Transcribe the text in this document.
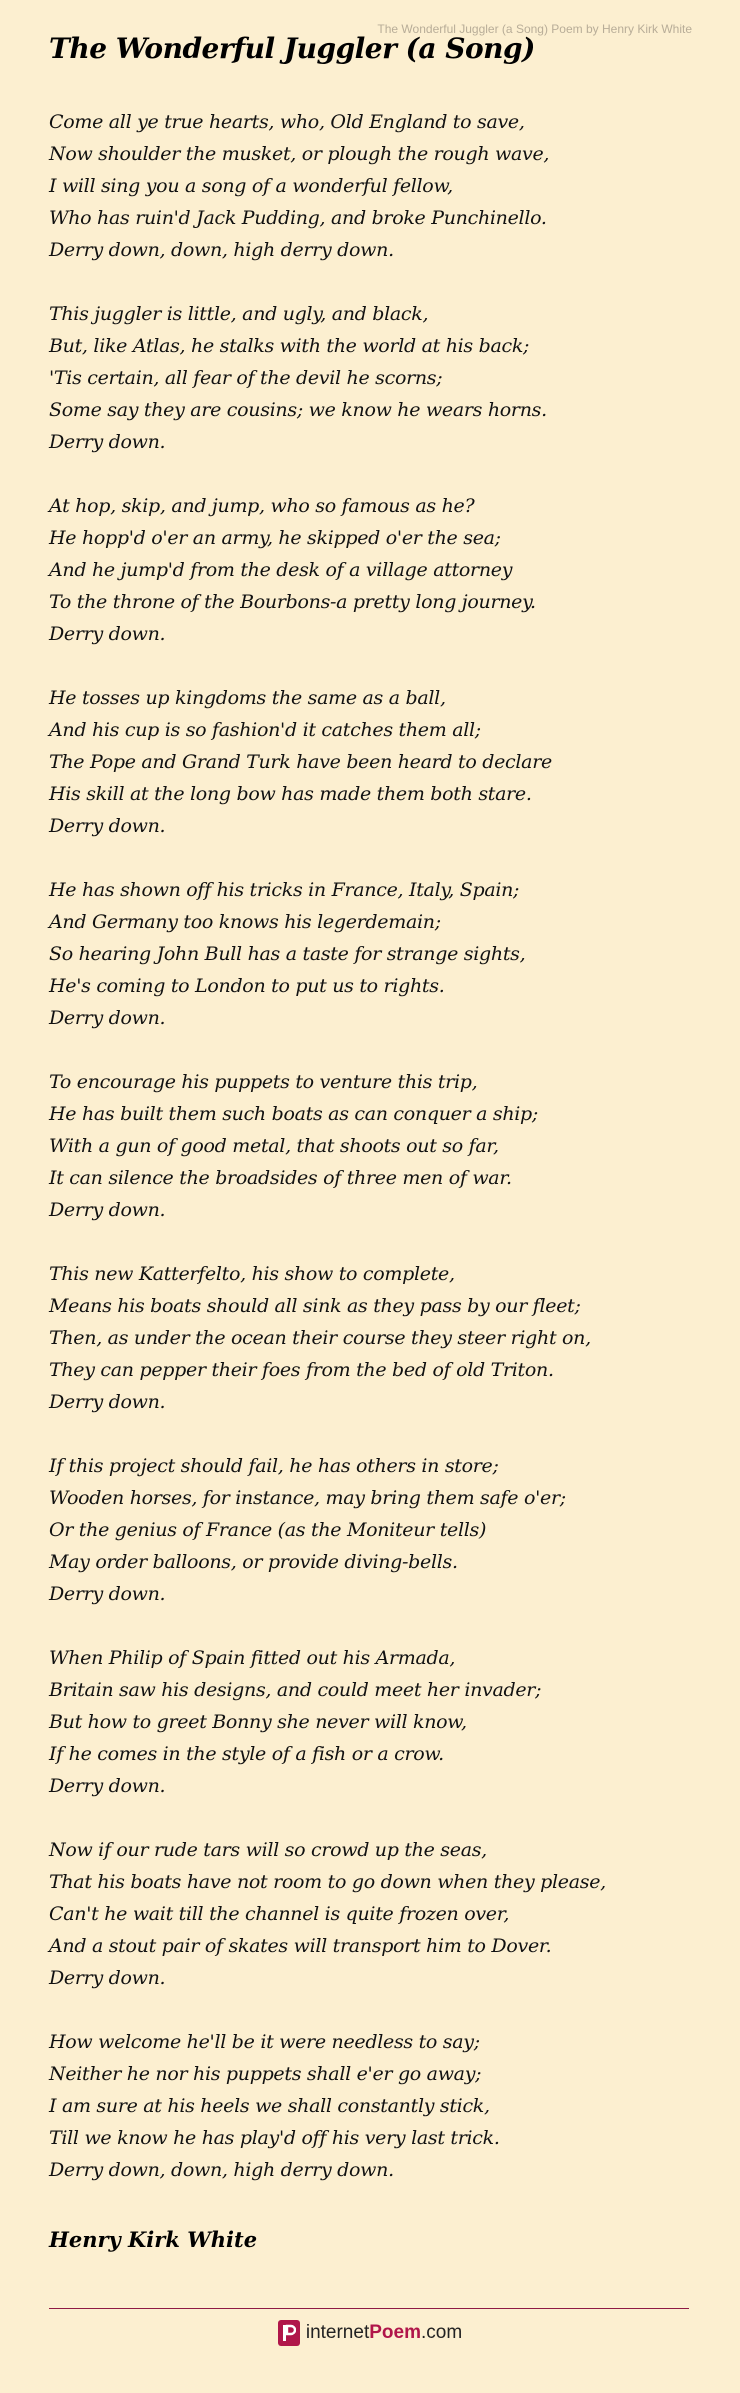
The Wonderful Juggler (a Song) Poem by Henry Kirk White
The Wonderful Juggler (a Song)
Come all ye true hearts, who, Old England to save,
Now shoulder the musket, or plough the rough wave,
I will sing you a song of a wonderful fellow,
Who has ruin'd Jack Pudding, and broke Punchinello.
Derry down, down, high derry down.
This juggler is little, and ugly, and black,
But, like Atlas, he stalks with the world at his back;
'Tis certain, all fear of the devil he scorns;
Some say they are cousins; we know he wears horns.
Derry down.
At hop, skip, and jump, who so famous as he?
He hopp'd o'er an army, he skipped o'er the sea;
And he jump'd from the desk of a village attorney
To the throne of the Bourbons-a pretty long journey.
Derry down.
He tosses up kingdoms the same as a ball,
And his cup is so fashion'd it catches them all;
The Pope and Grand Turk have been heard to declare
His skill at the long bow has made them both stare.
Derry down.
He has shown off his tricks in France, Italy, Spain;
And Germany too knows his legerdemain;
So hearing John Bull has a taste for strange sights,
He's coming to London to put us to rights.
Derry down.
To encourage his puppets to venture this trip,
He has built them such boats as can conquer a ship;
With a gun of good metal, that shoots out so far,
It can silence the broadsides of three men of war.
Derry down.
This new Katterfelto, his show to complete,
Means his boats should all sink as they pass by our fleet;
Then, as under the ocean their course they steer right on,
They can pepper their foes from the bed of old Triton.
Derry down.
If this project should fail, he has others in store;
Wooden horses, for instance, may bring them safe o'er;
Or the genius of France (as the Moniteur tells)
May order balloons, or provide diving-bells.
Derry down.
When Philip of Spain fitted out his Armada,
Britain saw his designs, and could meet her invader;
But how to greet Bonny she never will know,
If he comes in the style of a fish or a crow.
Derry down.
Now if our rude tars will so crowd up the seas,
That his boats have not room to go down when they please,
Can't he wait till the channel is quite frozen over,
And a stout pair of skates will transport him to Dover.
Derry down.
How welcome he'll be it were needless to say;
Neither he nor his puppets shall e'er go away;
I am sure at his heels we shall constantly stick,
Till we know he has play'd off his very last trick.
Derry down, down, high derry down.
Henry Kirk White
internetPoem.com
